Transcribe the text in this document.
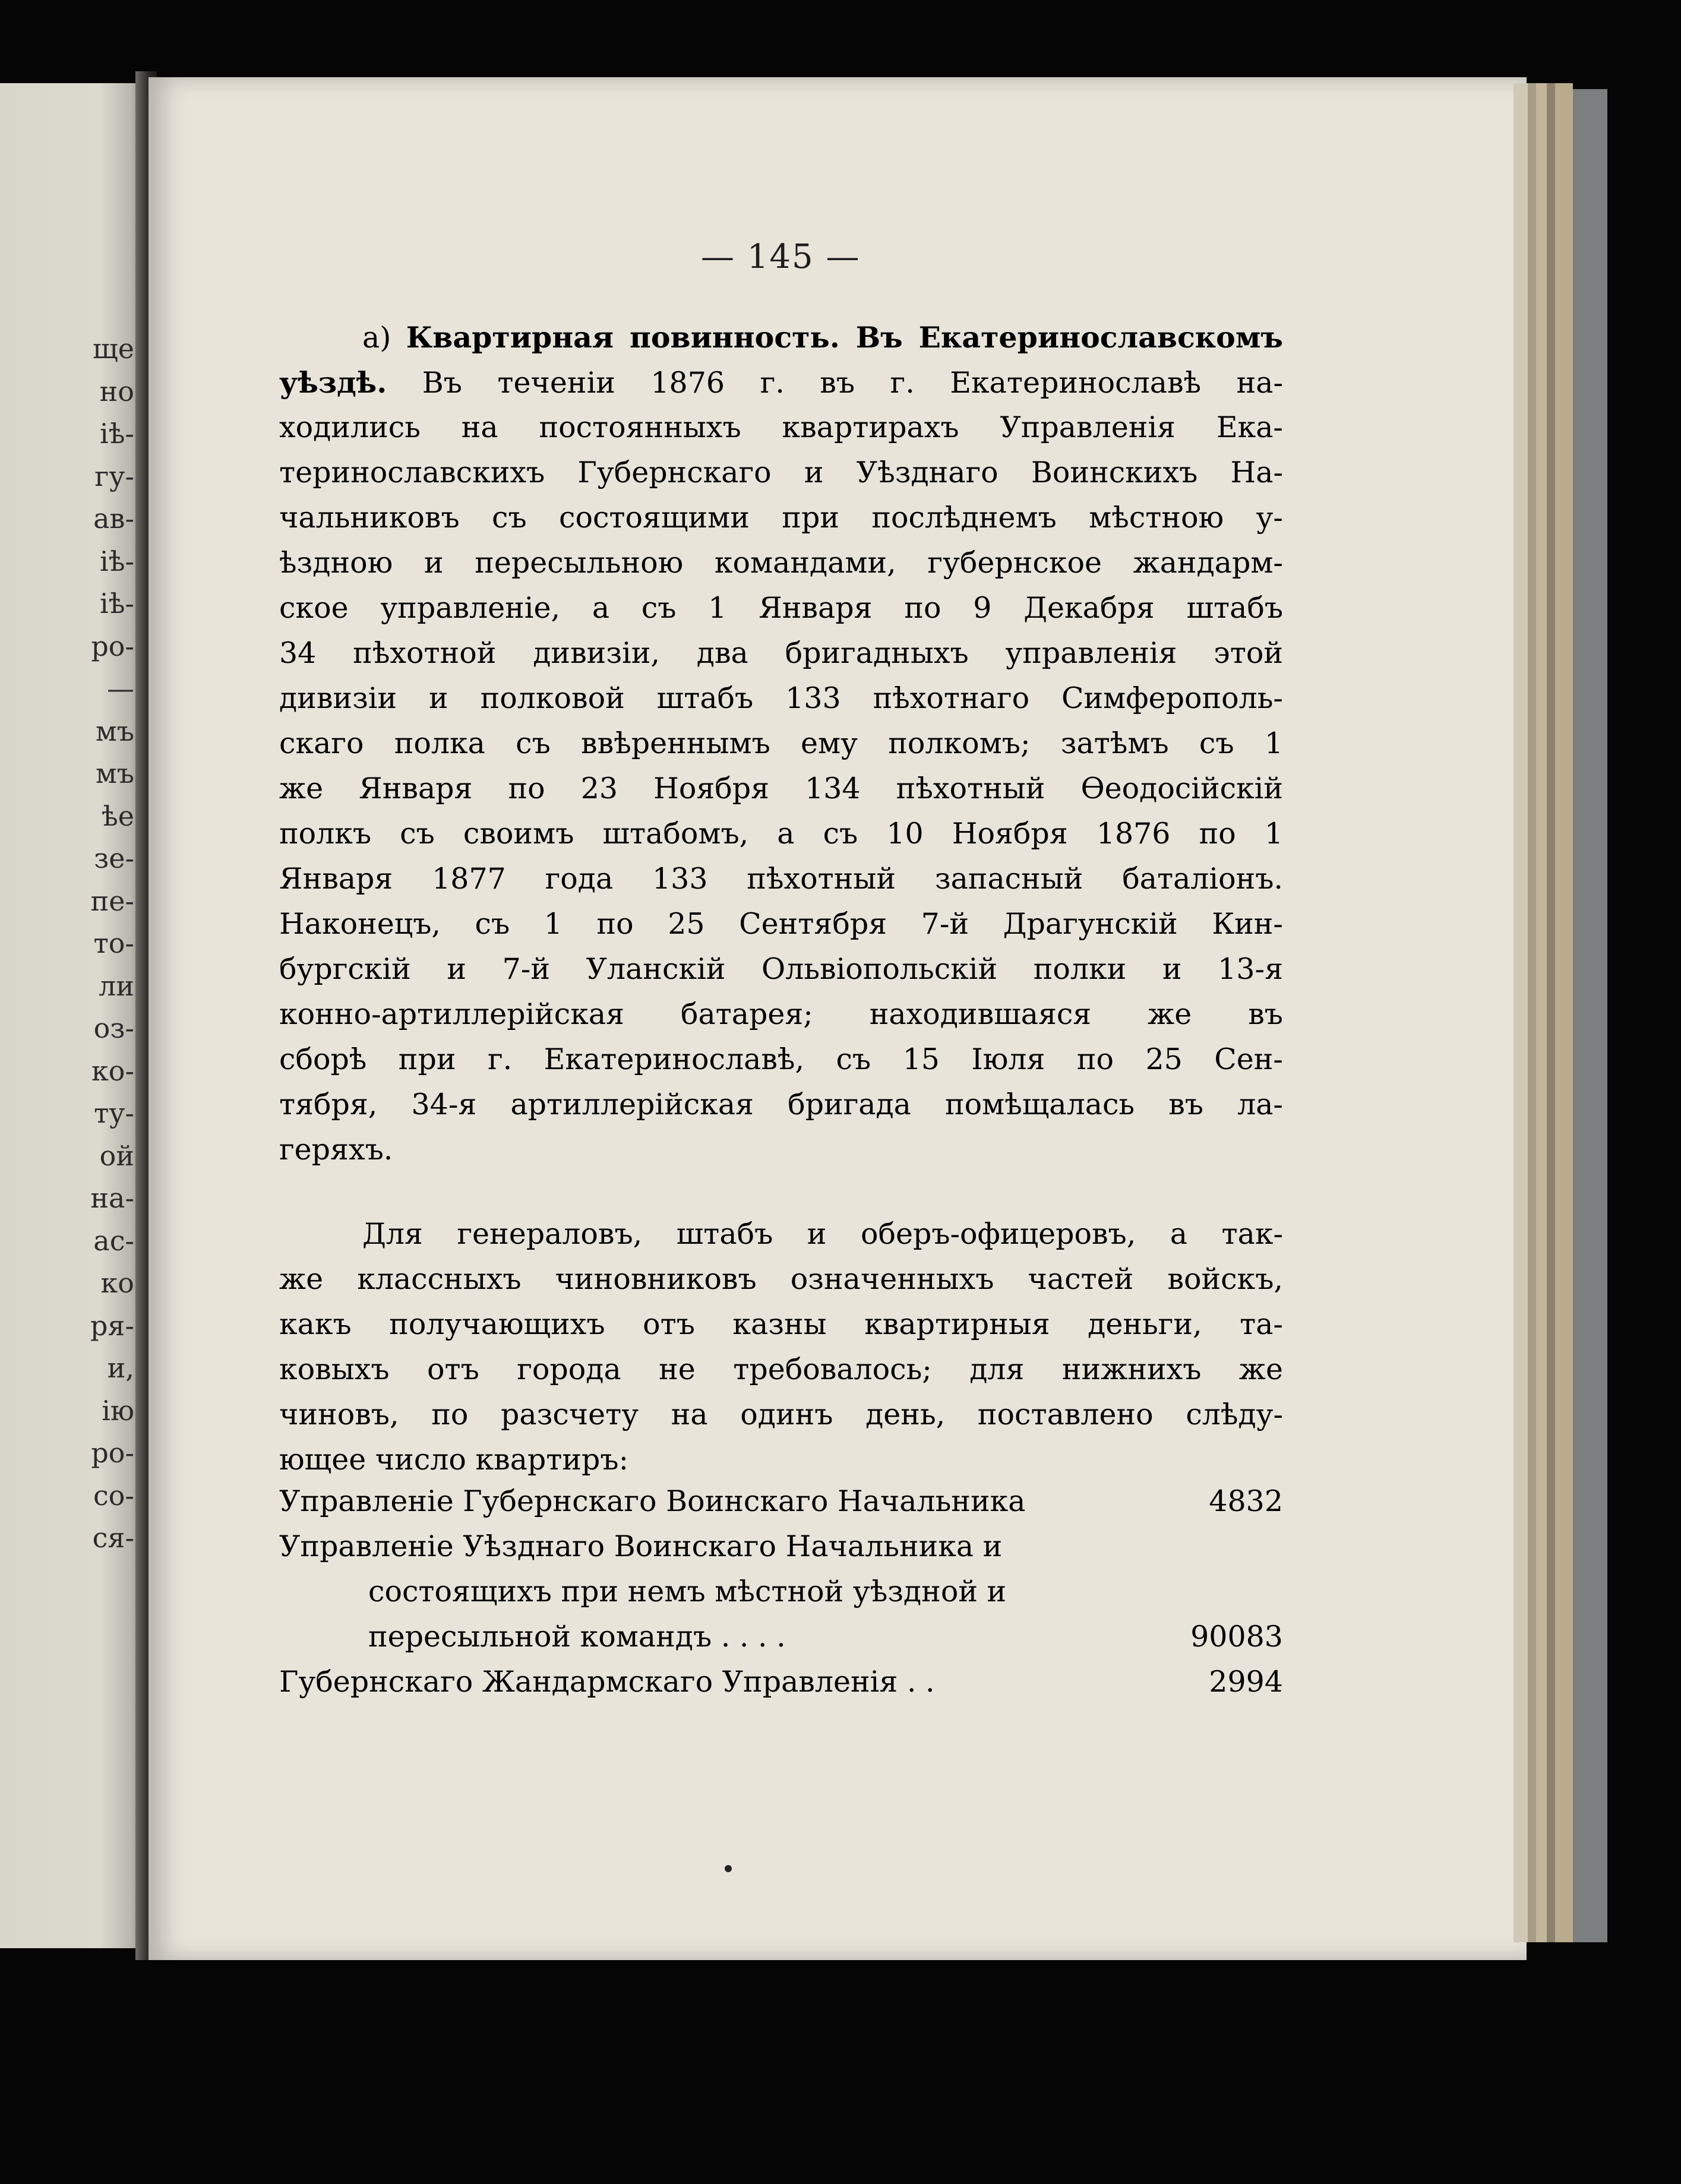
ще
но
іѣ-
гу-
ав-
іѣ-
іѣ-
ро-
—
мъ
мъ
ѣе
зе-
пе-
то-
ли
оз-
ко-
ту-
ой
на-
ас-
ко
ря-
и,
ію
ро-
со-
ся-
— 145 —
а) Квартирная повинность. Въ Екатеринославскомъ
уѣздѣ. Въ теченіи 1876 г. въ г. Екатеринославѣ на-
ходились на постоянныхъ квартирахъ Управленія Ека-
теринославскихъ Губернскаго и Уѣзднаго Воинскихъ На-
чальниковъ съ состоящими при послѣднемъ мѣстною у-
ѣздною и пересыльною командами, губернское жандарм-
ское управленіе, а съ 1 Января по 9 Декабря штабъ
34 пѣхотной дивизіи, два бригадныхъ управленія этой
дивизіи и полковой штабъ 133 пѣхотнаго Симферополь-
скаго полка съ ввѣреннымъ ему полкомъ; затѣмъ съ 1
же Января по 23 Ноября 134 пѣхотный Ѳеодосійскій
полкъ съ своимъ штабомъ, а съ 10 Ноября 1876 по 1
Января 1877 года 133 пѣхотный запасный баталіонъ.
Наконецъ, съ 1 по 25 Сентября 7-й Драгунскій Кин-
бургскій и 7-й Уланскій Ольвіопольскій полки и 13-я
конно-артиллерійская батарея; находившаяся же въ
сборѣ при г. Екатеринославѣ, съ 15 Іюля по 25 Сен-
тября, 34-я артиллерійская бригада помѣщалась въ ла-
геряхъ.
Для генераловъ, штабъ и оберъ-офицеровъ, а так-
же классныхъ чиновниковъ означенныхъ частей войскъ,
какъ получающихъ отъ казны квартирныя деньги, та-
ковыхъ отъ города не требовалось; для нижнихъ же
чиновъ, по разсчету на одинъ день, поставлено слѣду-
ющее число квартиръ:
Управленіе Губернскаго Воинскаго Начальника	4832
Управленіе Уѣзднаго Воинскаго Начальника и
состоящихъ при немъ мѣстной уѣздной и
пересыльной командъ . . . .	90083
Губернскаго Жандармскаго Управленія . .	2994
